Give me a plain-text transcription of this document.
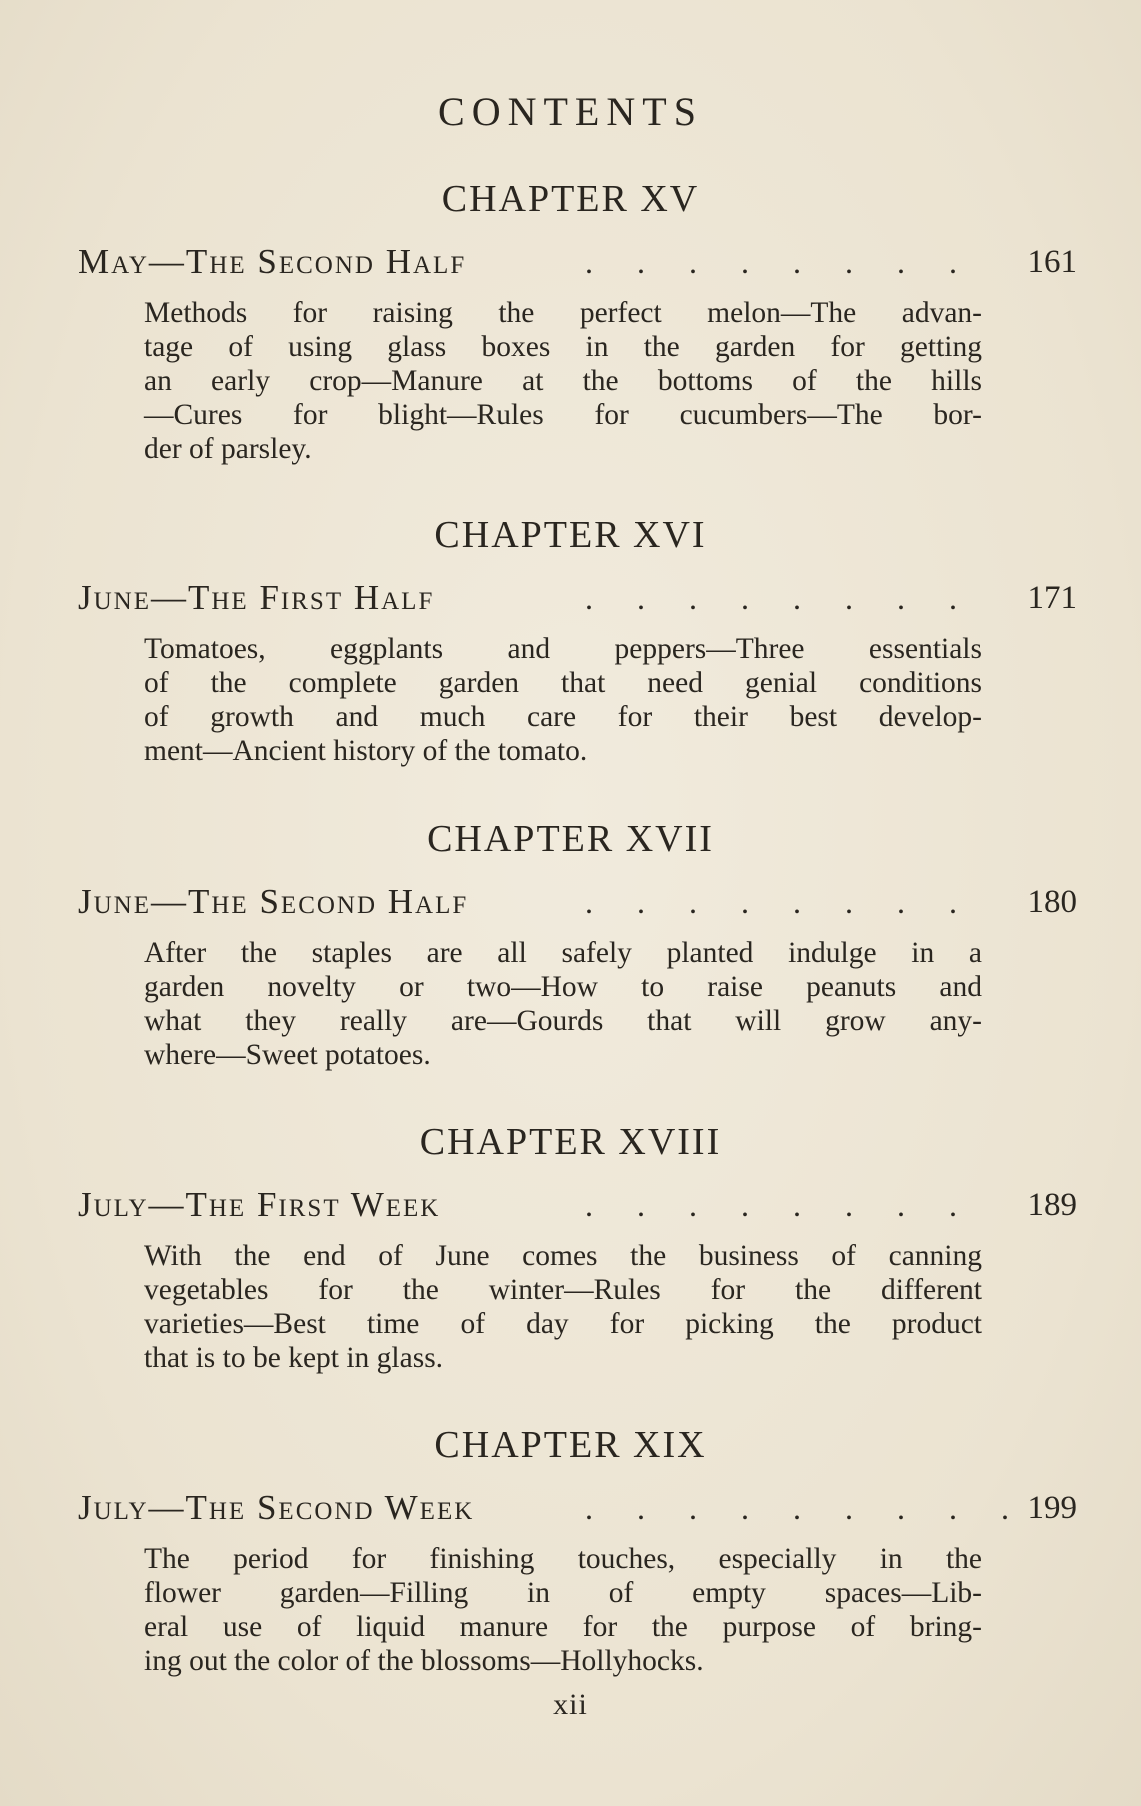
CONTENTS
CHAPTER XV
May—The Second Half	. . . . . . . . 161

Methods for raising the perfect melon—The advan-
tage of using glass boxes in the garden for getting
an early crop—Manure at the bottoms of the hills
—Cures for blight—Rules for cucumbers—The bor-
der of parsley.

CHAPTER XVI
June—The First Half	. . . . . . . . 171

Tomatoes, eggplants and peppers—Three essentials
of the complete garden that need genial conditions
of growth and much care for their best develop-
ment—Ancient history of the tomato.

CHAPTER XVII
June—The Second Half	. . . . . . . . 180

After the staples are all safely planted indulge in a
garden novelty or two—How to raise peanuts and
what they really are—Gourds that will grow any-
where—Sweet potatoes.

CHAPTER XVIII
July—The First Week	. . . . . . . . 189

With the end of June comes the business of canning
vegetables for the winter—Rules for the different
varieties—Best time of day for picking the product
that is to be kept in glass.

CHAPTER XIX
July—The Second Week	. . . . . . . . . 199

The period for finishing touches, especially in the
flower garden—Filling in of empty spaces—Lib-
eral use of liquid manure for the purpose of bring-
ing out the color of the blossoms—Hollyhocks.

xii
